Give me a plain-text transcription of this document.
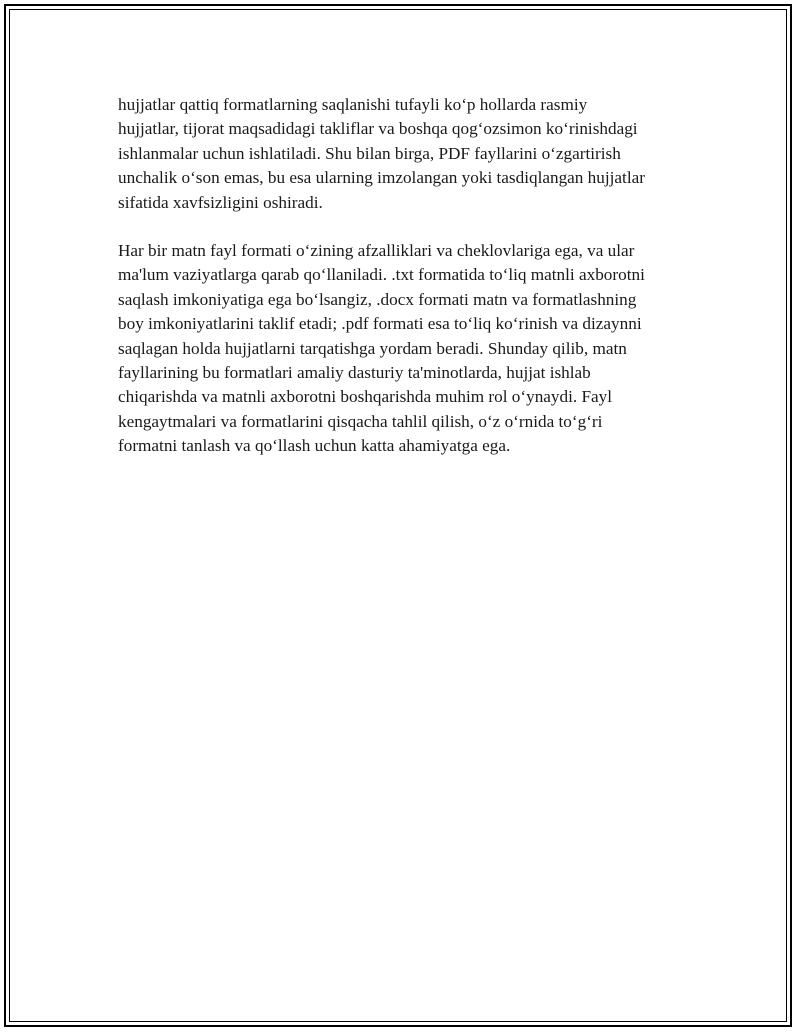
hujjatlar qattiq formatlarning saqlanishi tufayli ko‘p hollarda rasmiy
hujjatlar, tijorat maqsadidagi takliflar va boshqa qog‘ozsimon ko‘rinishdagi
ishlanmalar uchun ishlatiladi. Shu bilan birga, PDF fayllarini o‘zgartirish
unchalik o‘son emas, bu esa ularning imzolangan yoki tasdiqlangan hujjatlar
sifatida xavfsizligini oshiradi.

Har bir matn fayl formati o‘zining afzalliklari va cheklovlariga ega, va ular
ma'lum vaziyatlarga qarab qo‘llaniladi. .txt formatida to‘liq matnli axborotni
saqlash imkoniyatiga ega bo‘lsangiz, .docx formati matn va formatlashning
boy imkoniyatlarini taklif etadi; .pdf formati esa to‘liq ko‘rinish va dizaynni
saqlagan holda hujjatlarni tarqatishga yordam beradi. Shunday qilib, matn
fayllarining bu formatlari amaliy dasturiy ta'minotlarda, hujjat ishlab
chiqarishda va matnli axborotni boshqarishda muhim rol o‘ynaydi. Fayl
kengaytmalari va formatlarini qisqacha tahlil qilish, o‘z o‘rnida to‘g‘ri
formatni tanlash va qo‘llash uchun katta ahamiyatga ega.
